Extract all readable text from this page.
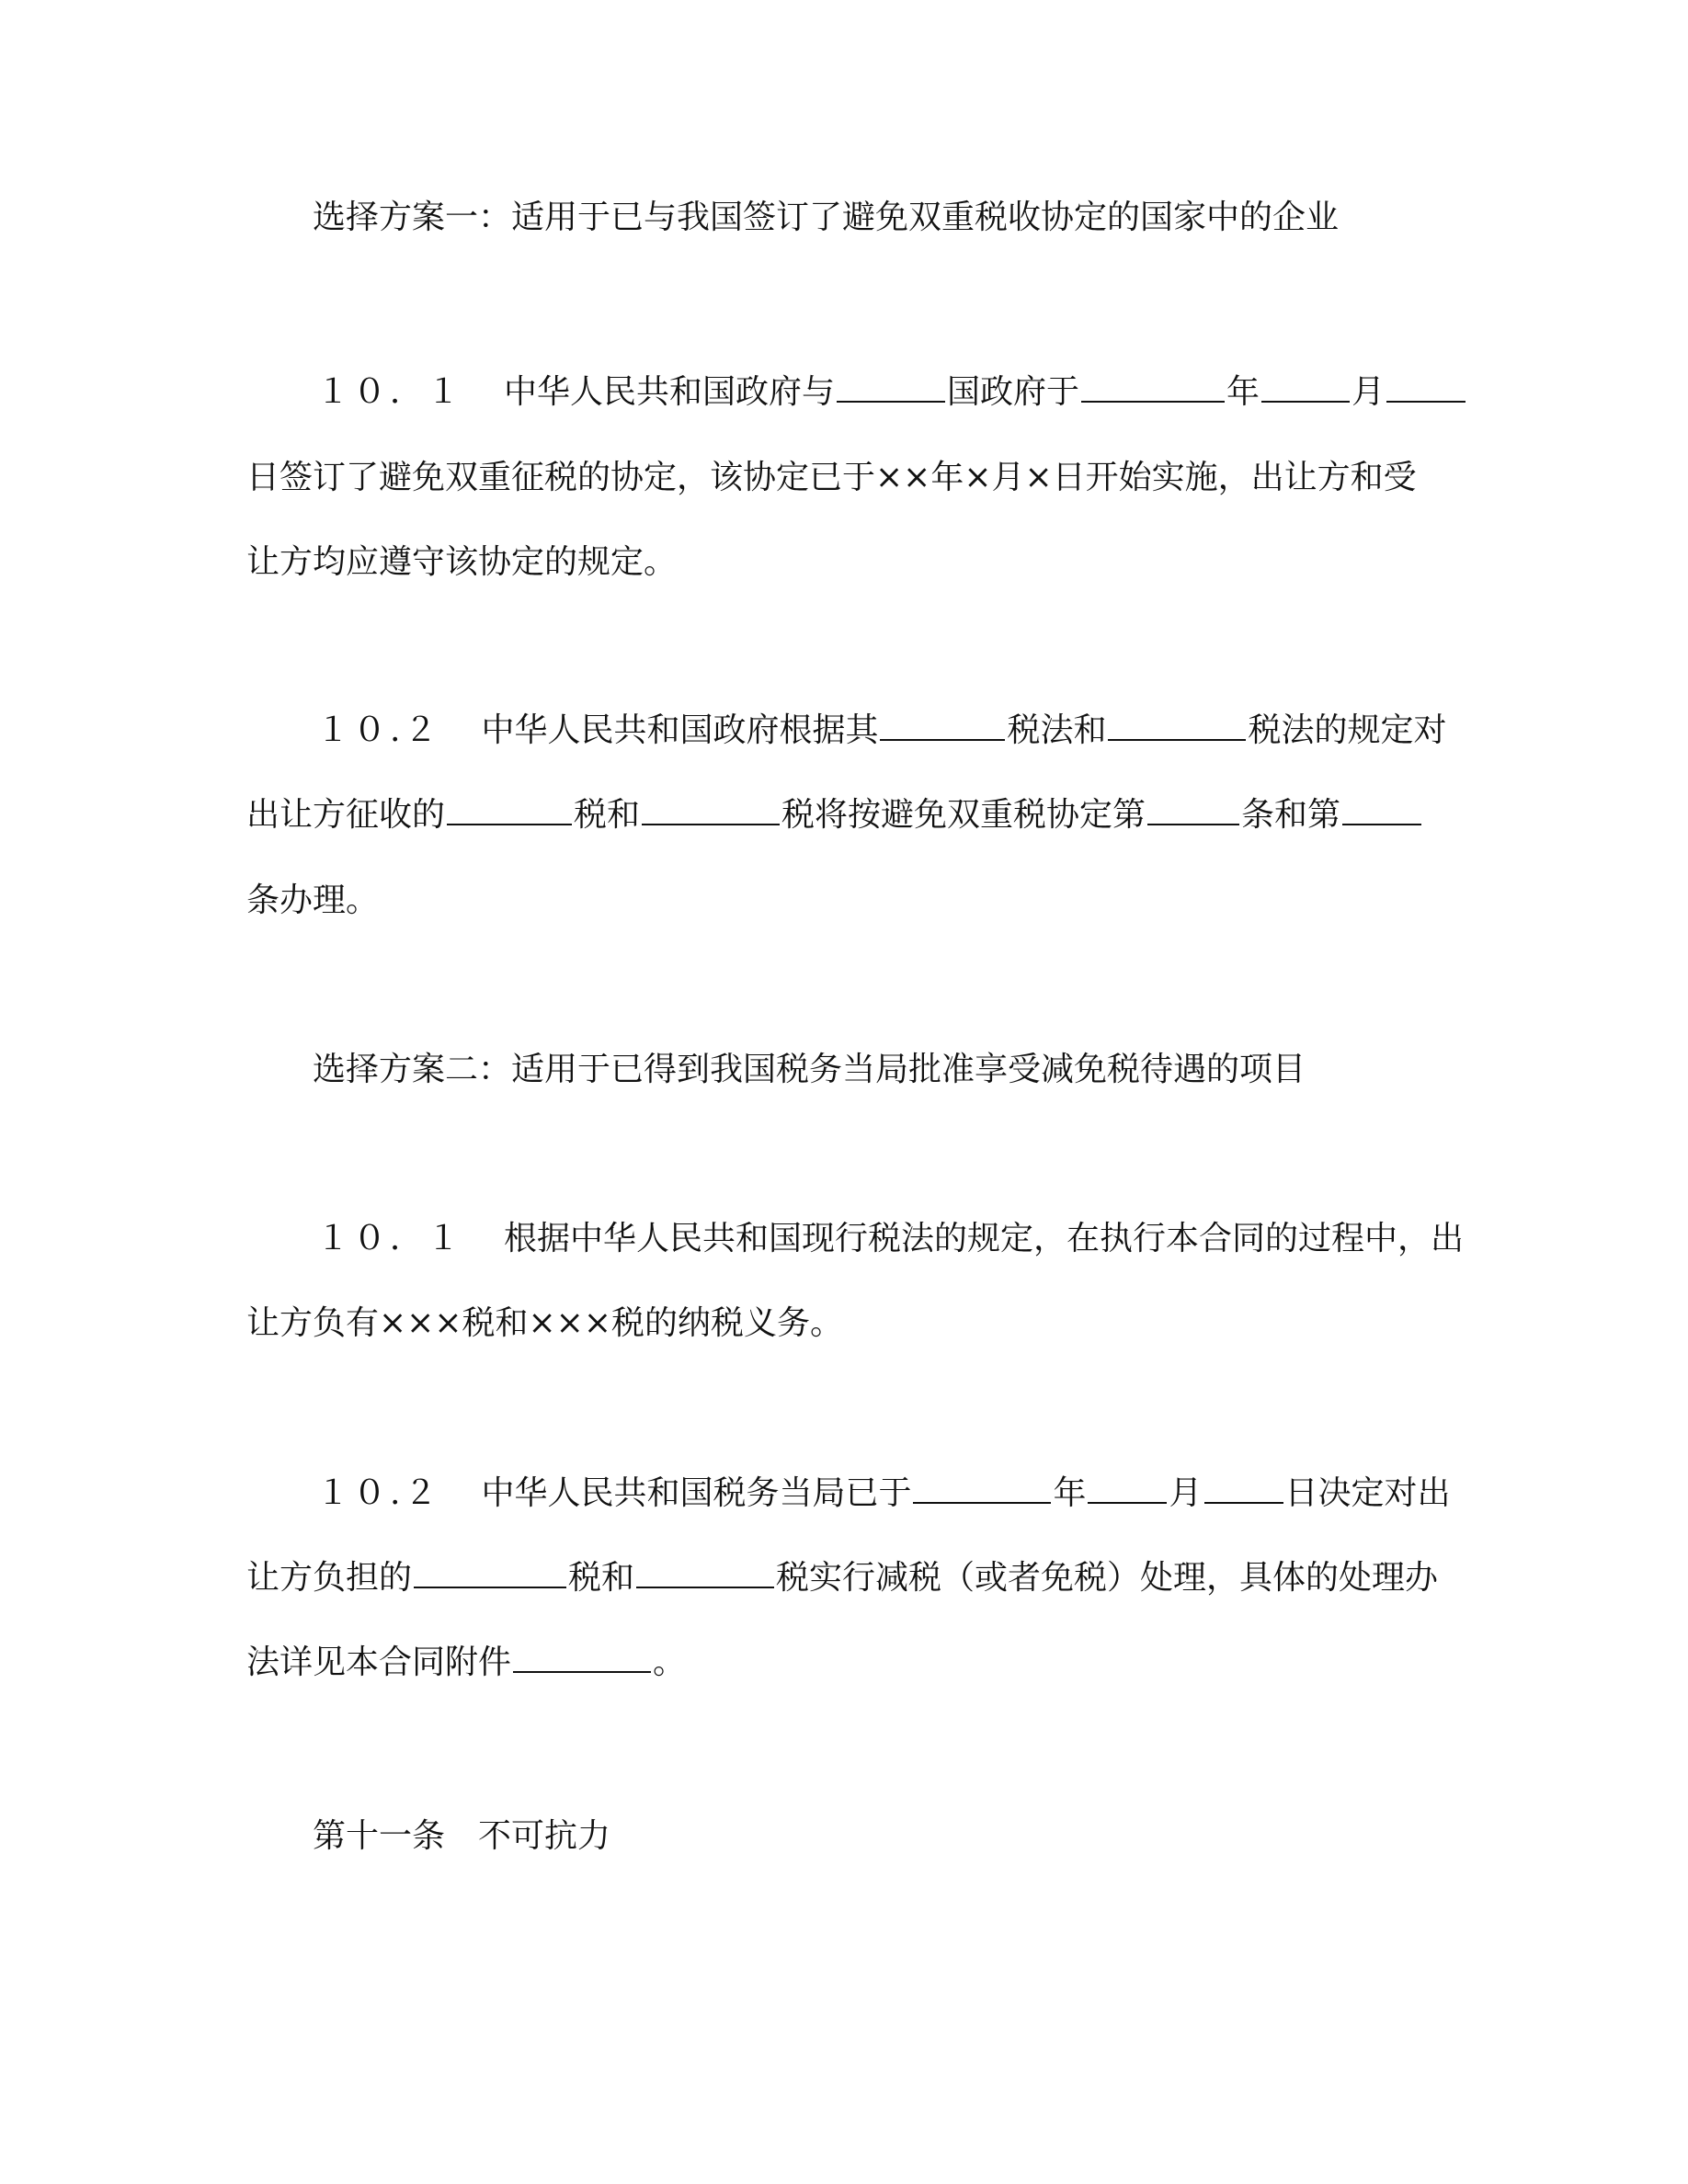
选择方案一：适用于已与我国签订了避免双重税收协定的国家中的企业
１０．１ 中华人民共和国政府与	国政府于	年	月
日签订了避免双重征税的协定，该协定已于××年×月×日开始实施，出让方和受
让方均应遵守该协定的规定。
１０.２ 中华人民共和国政府根据其	税法和	税法的规定对
出让方征收的	税和	税将按避免双重税协定第	条和第
条办理。
选择方案二：适用于已得到我国税务当局批准享受减免税待遇的项目
１０．１ 根据中华人民共和国现行税法的规定，在执行本合同的过程中，出
让方负有×××税和×××税的纳税义务。
１０.２ 中华人民共和国税务当局已于	年	月	日决定对出
让方负担的	税和	税实行减税（或者免税）处理，具体的处理办
法详见本合同附件	。
第十一条 不可抗力
